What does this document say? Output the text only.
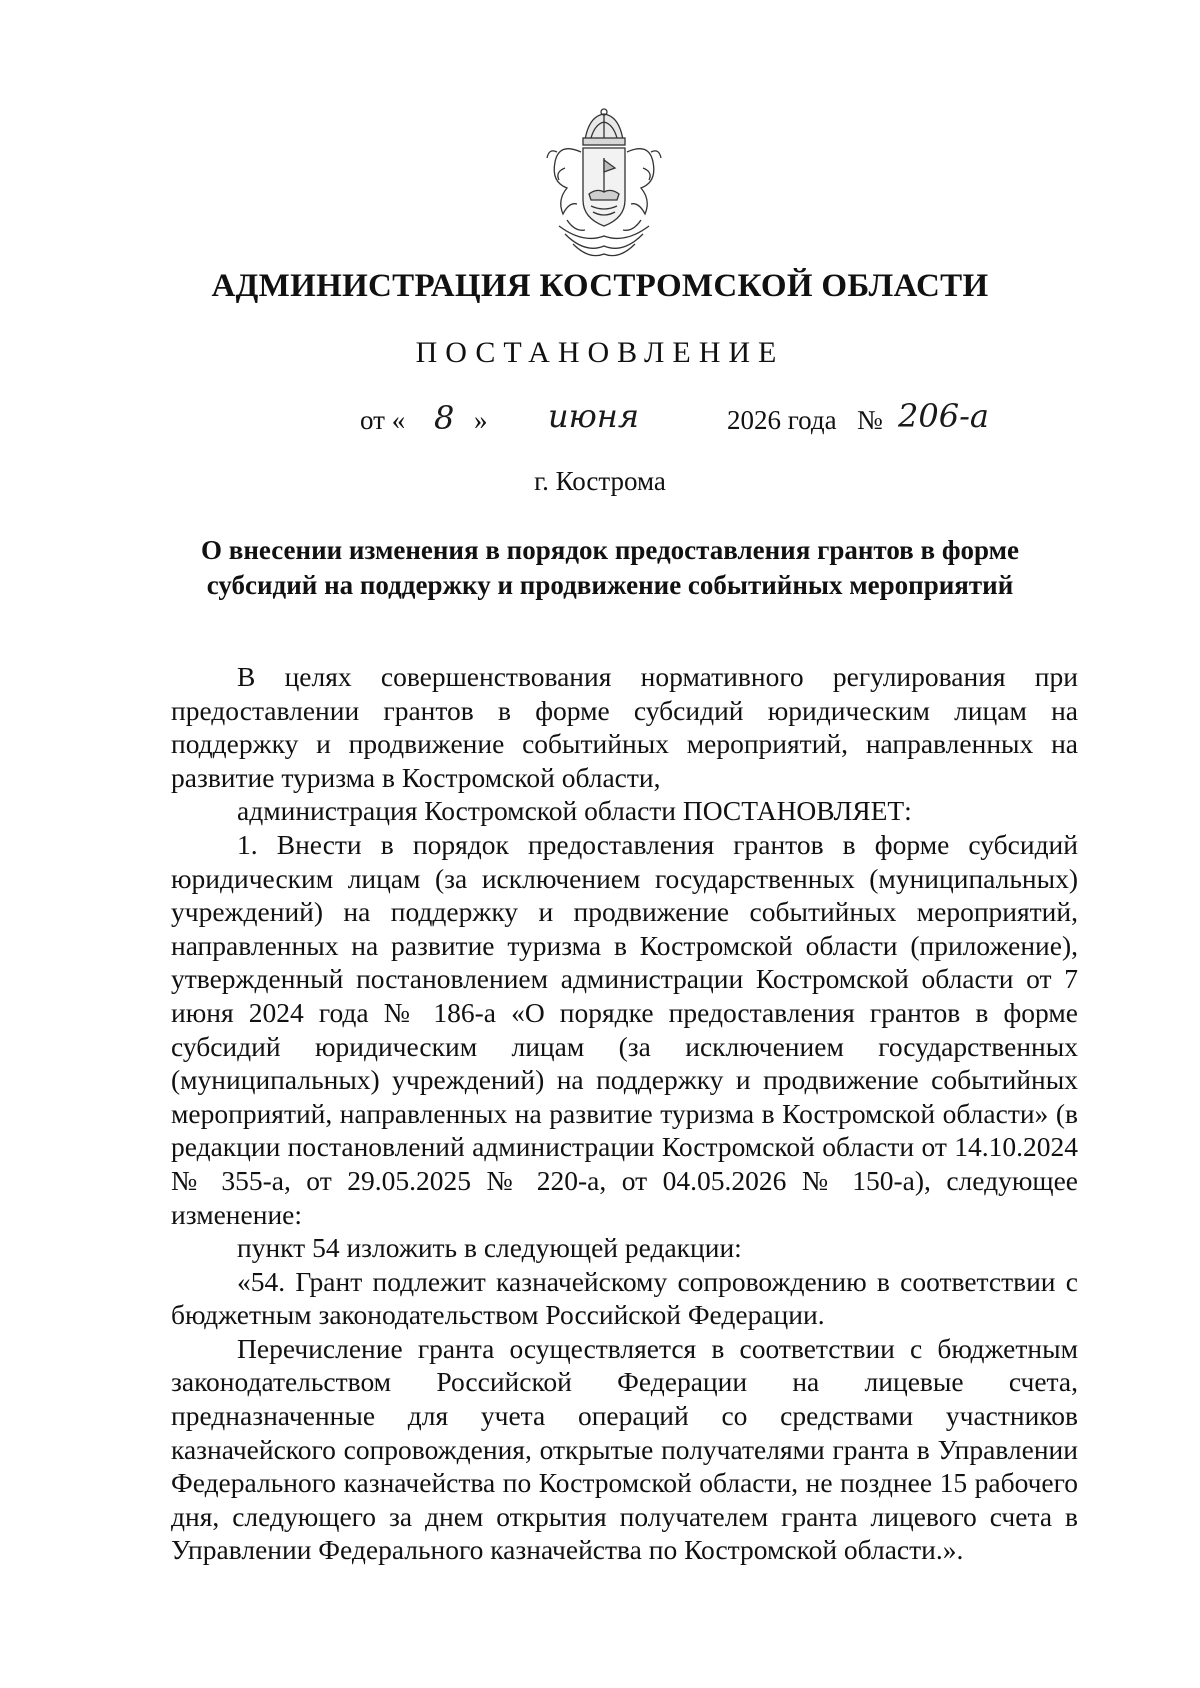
АДМИНИСТРАЦИЯ КОСТРОМСКОЙ ОБЛАСТИ
ПОСТАНОВЛЕНИЕ
от « 8 » июня	2026 года № 206-а
г. Кострома
О внесении изменения в порядок предоставления грантов в форме субсидий на поддержку и продвижение событийных мероприятий

В целях совершенствования нормативного регулирования при предоставлении грантов в форме субсидий юридическим лицам на поддержку и продвижение событийных мероприятий, направленных на развитие туризма в Костромской области,

администрация Костромской области ПОСТАНОВЛЯЕТ:

1. Внести в порядок предоставления грантов в форме субсидий юридическим лицам (за исключением государственных (муниципальных) учреждений) на поддержку и продвижение событийных мероприятий, направленных на развитие туризма в Костромской области (приложение), утвержденный постановлением администрации Костромской области от 7 июня 2024 года № 186-а «О порядке предоставления грантов в форме субсидий юридическим лицам (за исключением государственных (муниципальных) учреждений) на поддержку и продвижение событийных мероприятий, направленных на развитие туризма в Костромской области» (в редакции постановлений администрации Костромской области от 14.10.2024 № 355-а, от 29.05.2025 № 220-а, от 04.05.2026 № 150-а), следующее изменение:

пункт 54 изложить в следующей редакции:

«54. Грант подлежит казначейскому сопровождению в соответствии с бюджетным законодательством Российской Федерации.

Перечисление гранта осуществляется в соответствии с бюджетным законодательством Российской Федерации на лицевые счета, предназначенные для учета операций со средствами участников казначейского сопровождения, открытые получателями гранта в Управлении Федерального казначейства по Костромской области, не позднее 15 рабочего дня, следующего за днем открытия получателем гранта лицевого счета в Управлении Федерального казначейства по Костромской области.».
